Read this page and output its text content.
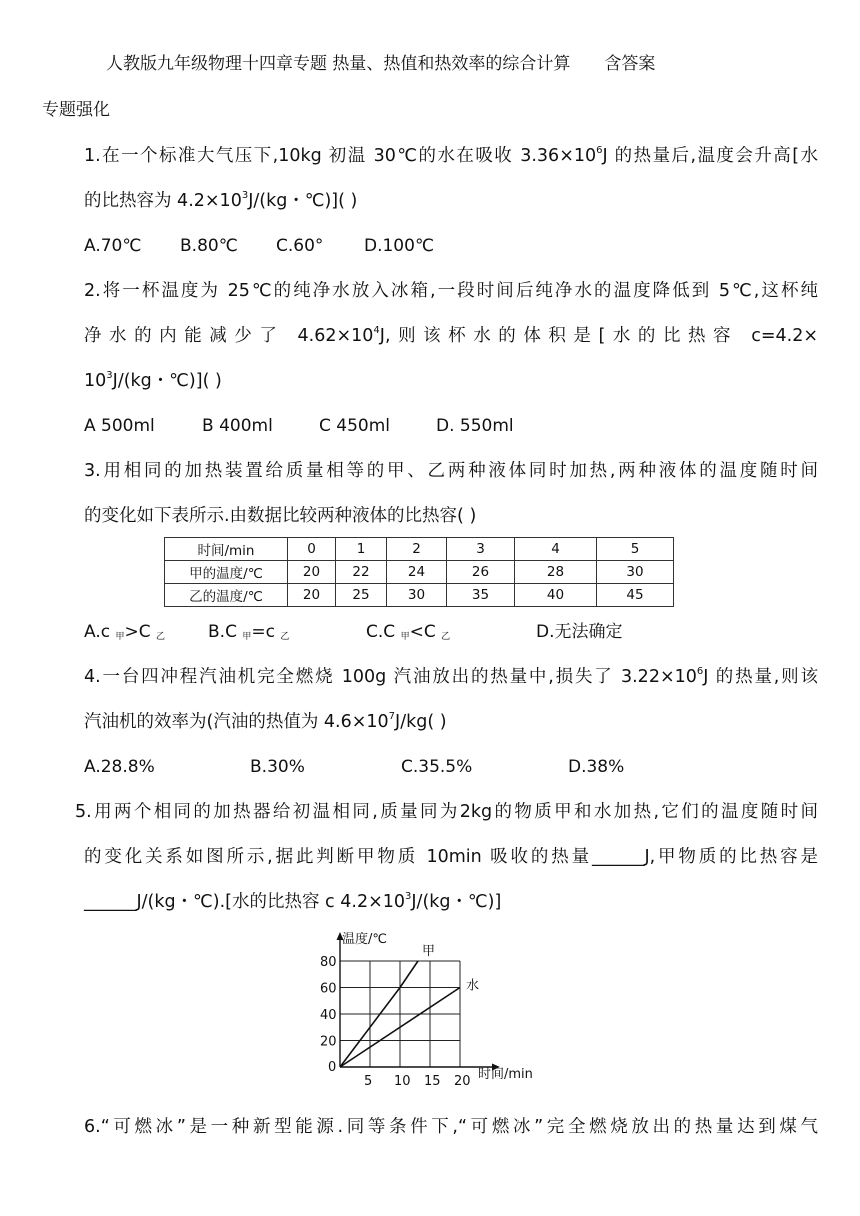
人教版九年级物理十四章专题 热量、热值和热效率的综合计算 含答案
专题强化
1.在一个标准大气压下,10kg 初温 30℃的水在吸收 $3.36\times 10^6J$ 的热量后,温度会升高[水
的比热容为 $4.2\times 10^3J/(kg$・℃)]( )
A.70℃ B.80℃ C.60° D.100℃
2.将一杯温度为 25℃的纯净水放入冰箱,一段时间后纯净水的温度降低到 5℃,这杯纯
净水的内能减少了 $4.62\times 10^4J$,则该杯水的体积是[水的比热容 c=4.2×
$10^3J/(kg$・℃)]( )
A 500ml	B 400ml	C 450ml	D. 550ml
3.用相同的加热装置给质量相等的甲、乙两种液体同时加热,两种液体的温度随时间
的变化如下表所示.由数据比较两种液体的比热容( )
时间/min	0	1	2	3	4	5
甲的温度/℃	20	22	24	26	28	30
乙的温度/℃	20	25	30	35	40	45
A.c $_甲$>C $_乙$	B.C $_甲$=c $_乙$	C.C $_甲$<C $_乙$	D.无法确定
4.一台四冲程汽油机完全燃烧 100g 汽油放出的热量中,损失了 $3.22\times 10^6J$ 的热量,则该
汽油机的效率为(汽油的热值为 $4.6\times 10^7J/kg$( )
A.28.8%	B.30%	C.35.5%	D.38%
5.用两个相同的加热器给初温相同,质量同为2kg的物质甲和水加热,它们的温度随时间
的变化关系如图所示,据此判断甲物质 10min 吸收的热量______J,甲物质的比热容是
______J/(kg・℃).[水的比热容 c $4.2\times 10^3J/(kg$・℃)]
0
5 10 15 20
20
40
60
80
温度/℃
时间/min
甲
水
6.“可燃冰”是一种新型能源.同等条件下,“可燃冰”完全燃烧放出的热量达到煤气
